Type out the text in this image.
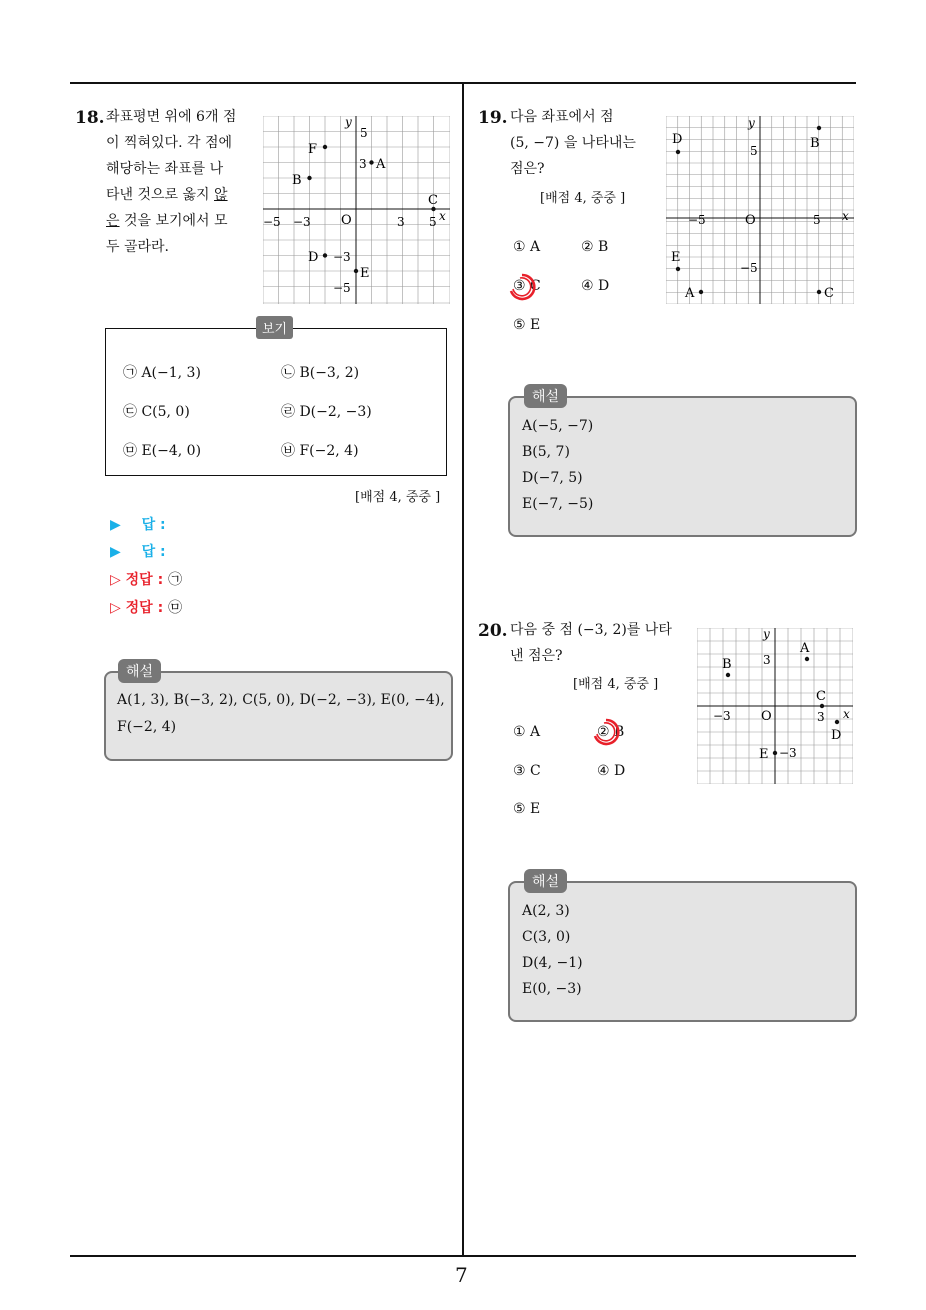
7
18. 좌표평면 위에 6개 점
이 찍혀있다. 각 점에
해당하는 좌표를 나
타낸 것으로 옳지 않
은 것을 보기에서 모
두 골라라.
y
x
O
−5 −3	3 5
5
3
−3
−5
A
B
C
D
E
F
보기
㉠ A(−1, 3)	㉡ B(−3, 2)
㉢ C(5, 0)	㉣ D(−2, −3)
㉤ E(−4, 0)	㉥ F(−2, 4)
[배점 4, 중중 ]
▶ 답 :
▶ 답 :
▷ 정답 : ㉠
▷ 정답 : ㉤
해설
A(1, 3), B(−3, 2), C(5, 0), D(−2, −3), E(0, −4),
F(−2, 4)
19. 다음 좌표에서 점
(5, −7) 을 나타내는
점은?
[배점 4, 중중 ]
① A	② B
③ C	④ D
⑤ E
y
x
O
−5	5
5
−5
A
B
C
D
E
해설
A(−5, −7)
B(5, 7)
D(−7, 5)
E(−7, −5)
20. 다음 중 점 (−3, 2)를 나타
낸 점은?
[배점 4, 중중 ]
① A	② B
③ C	④ D
⑤ E
y
x
O
−3	3
3
−3
A
B
C
D
E
해설
A(2, 3)
C(3, 0)
D(4, −1)
E(0, −3)
